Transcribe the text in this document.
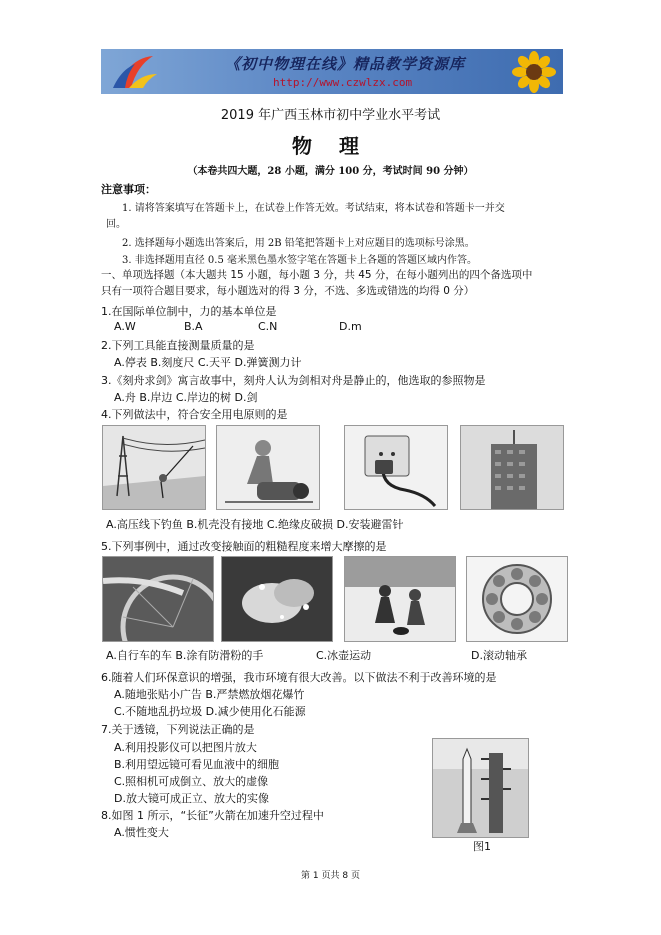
《初中物理在线》精品教学资源库
http://www.czwlzx.com
2019 年广西玉林市初中学业水平考试
物 理
（本卷共四大题，28 小题，满分 100 分，考试时间 90 分钟）
注意事项：
1. 请将答案填写在答题卡上，在试卷上作答无效。考试结束，将本试卷和答题卡一并交
回。
2. 选择题每小题选出答案后，用 2B 铅笔把答题卡上对应题目的选项标号涂黑。
3. 非选择题用直径 0.5 毫米黑色墨水签字笔在答题卡上各题的答题区域内作答。
一、单项选择题（本大题共 15 小题，每小题 3 分，共 45 分，在每小题列出的四个备选项中
只有一项符合题目要求，每小题选对的得 3 分，不选、多选或错选的均得 0 分）
1.在国际单位制中，力的基本单位是
A.W	B.A	C.N	D.m
2.下列工具能直接测量质量的是
A.停表 B.刻度尺 C.天平 D.弹簧测力计
3.《刻舟求剑》寓言故事中，刻舟人认为剑相对舟是静止的，他选取的参照物是
A.舟 B.岸边 C.岸边的树 D.剑
4.下列做法中，符合安全用电原则的是
A.高压线下钓鱼 B.机壳没有接地 C.绝缘皮破损 D.安装避雷针
5.下列事例中，通过改变接触面的粗糙程度来增大摩擦的是
A.自行车的车 B.涂有防滑粉的手	C.冰壶运动	D.滚动轴承
6.随着人们环保意识的增强，我市环境有很大改善。以下做法不利于改善环境的是
A.随地张贴小广告 B.严禁燃放烟花爆竹
C.不随地乱扔垃圾 D.减少使用化石能源
7.关于透镜，下列说法正确的是
A.利用投影仪可以把图片放大
B.利用望远镜可看见血液中的细胞
C.照相机可成倒立、放大的虚像
D.放大镜可成正立、放大的实像
8.如图 1 所示，“长征”火箭在加速升空过程中
A.惯性变大
图1
第 1 页共 8 页
